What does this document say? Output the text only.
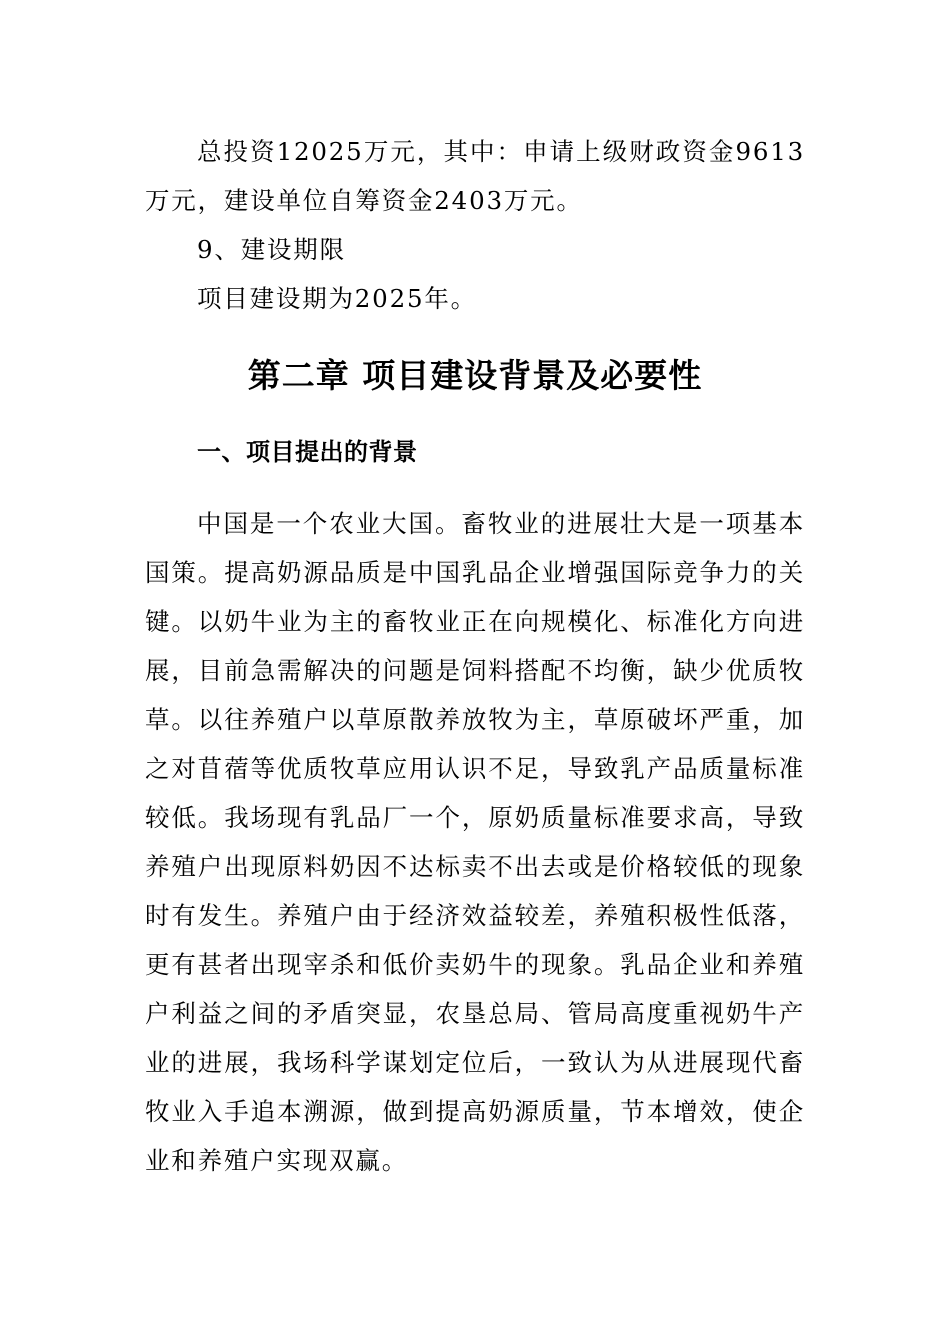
总投资12025万元，其中：申请上级财政资金9613万元，建设单位自筹资金2403万元。

9、建设期限

项目建设期为2025年。

第二章 项目建设背景及必要性
一、项目提出的背景

中国是一个农业大国。畜牧业的进展壮大是一项基本国策。提高奶源品质是中国乳品企业增强国际竞争力的关键。以奶牛业为主的畜牧业正在向规模化、标准化方向进展，目前急需解决的问题是饲料搭配不均衡，缺少优质牧草。以往养殖户以草原散养放牧为主，草原破坏严重，加之对苜蓿等优质牧草应用认识不足，导致乳产品质量标准较低。我场现有乳品厂一个，原奶质量标准要求高，导致养殖户出现原料奶因不达标卖不出去或是价格较低的现象时有发生。养殖户由于经济效益较差，养殖积极性低落，更有甚者出现宰杀和低价卖奶牛的现象。乳品企业和养殖户利益之间的矛盾突显，农垦总局、管局高度重视奶牛产业的进展，我场科学谋划定位后，一致认为从进展现代畜牧业入手追本溯源，做到提高奶源质量，节本增效，使企业和养殖户实现双赢。
